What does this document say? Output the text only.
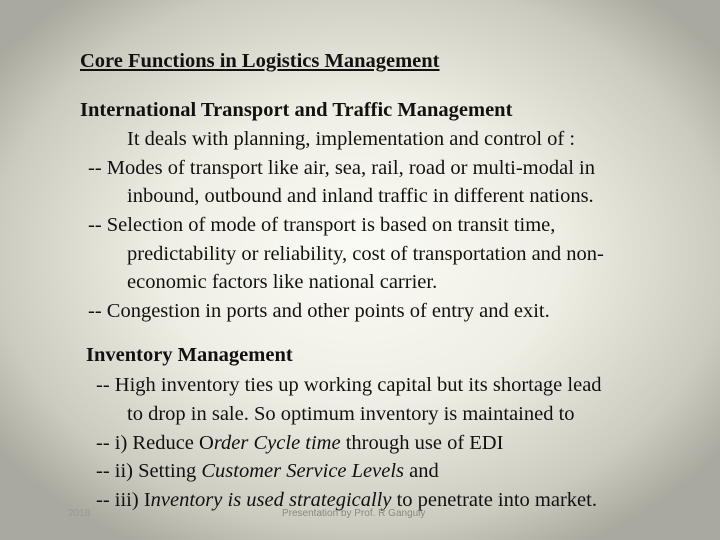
Core Functions in Logistics Management
International Transport and Traffic Management
It deals with planning, implementation and control of :
-- Modes of transport like air, sea, rail, road or multi-modal in
inbound, outbound and inland traffic in different nations.
-- Selection of mode of transport is based on transit time,
predictability or reliability, cost of transportation and non-
economic factors like national carrier.
-- Congestion in ports and other points of entry and exit.
Inventory Management
-- High inventory ties up working capital but its shortage lead
to drop in sale. So optimum inventory is maintained to
-- i) Reduce Order Cycle time through use of EDI
-- ii) Setting Customer Service Levels and
-- iii) Inventory is used strategically to penetrate into market.
2018	Presentation by Prof. R Ganguly
